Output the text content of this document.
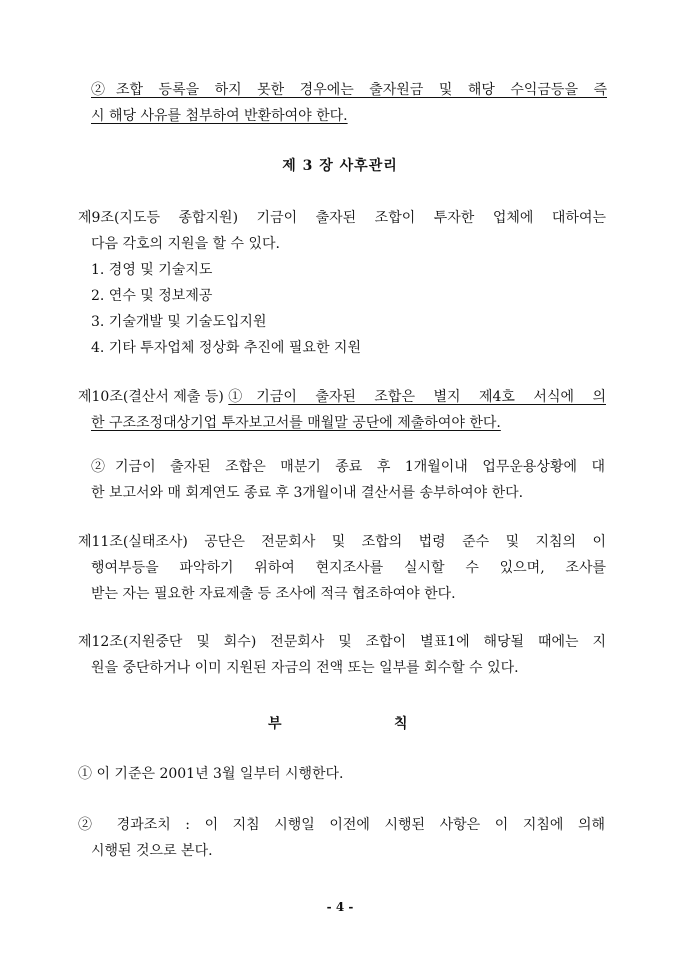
②조합 등록을 하지 못한 경우에는 출자원금 및 해당 수익금등을 즉
시 해당 사유를 첨부하여 반환하여야 한다.
제 3 장 사후관리
제9조(지도등 종합지원) 기금이 출자된 조합이 투자한 업체에 대하여는
다음 각호의 지원을 할 수 있다.
1. 경영 및 기술지도
2. 연수 및 정보제공
3. 기술개발 및 기술도입지원
4. 기타 투자업체 정상화 추진에 필요한 지원
제10조(결산서 제출 등) ①기금이 출자된 조합은 별지 제4호 서식에 의
한 구조조정대상기업 투자보고서를 매월말 공단에 제출하여야 한다.
②기금이 출자된 조합은 매분기 종료 후 1개월이내 업무운용상황에 대
한 보고서와 매 회계연도 종료 후 3개월이내 결산서를 송부하여야 한다.
제11조(실태조사) 공단은 전문회사 및 조합의 법령 준수 및 지침의 이
행여부등을 파악하기 위하여 현지조사를 실시할 수 있으며, 조사를
받는 자는 필요한 자료제출 등 조사에 적극 협조하여야 한다.
제12조(지원중단 및 회수) 전문회사 및 조합이 별표1에 해당될 때에는 지
원을 중단하거나 이미 지원된 자금의 전액 또는 일부를 회수할 수 있다.
부	칙
① 이 기준은 2001년 3월 일부터 시행한다.
② 경과조치 : 이 지침 시행일 이전에 시행된 사항은 이 지침에 의해
시행된 것으로 본다.
- 4 -
